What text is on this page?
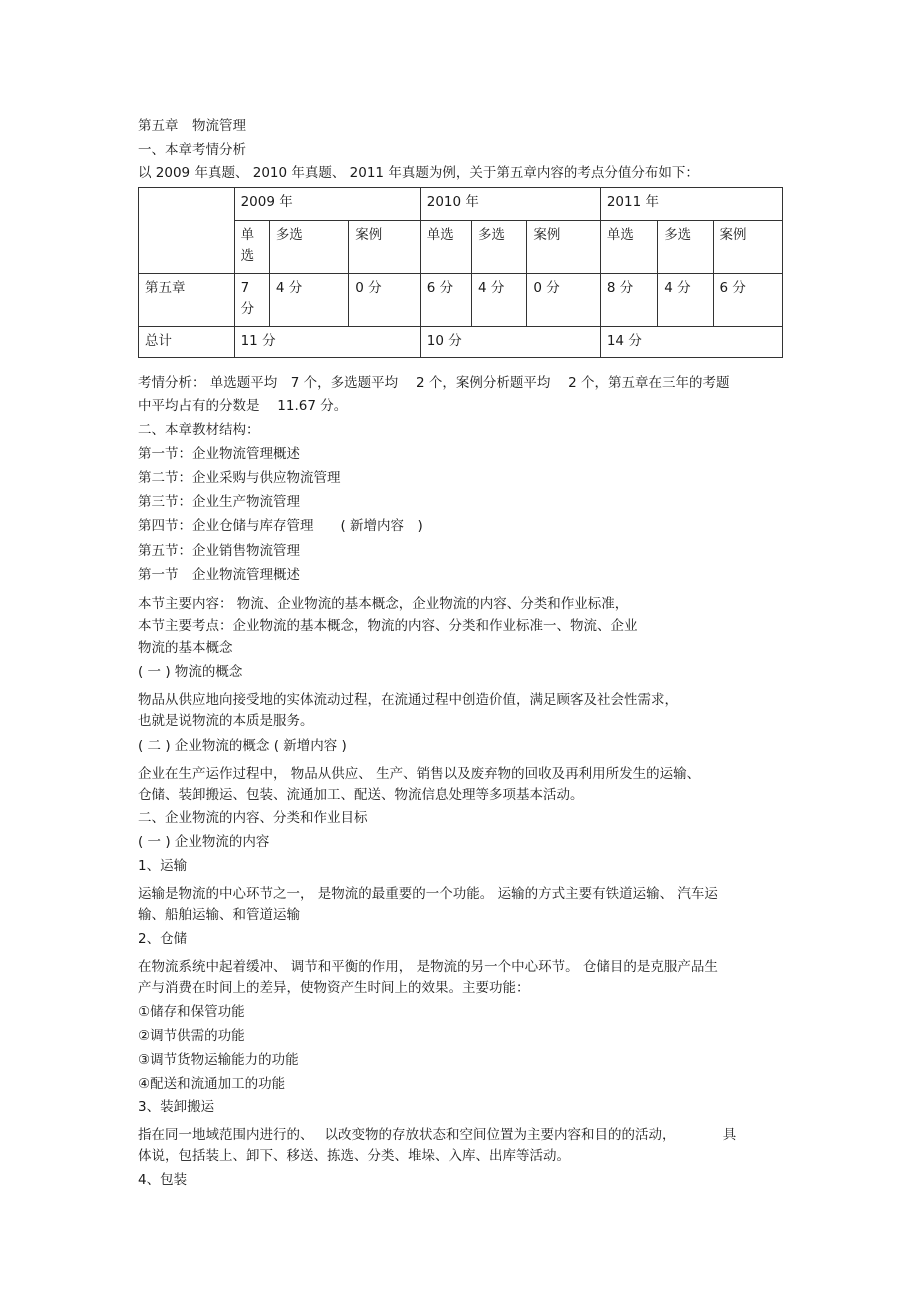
第五章　物流管理
一、本章考情分析
以 2009 年真题、 2010 年真题、 2011 年真题为例，关于第五章内容的考点分值分布如下：
	2009 年			2010 年			2011 年		
	单选	多选	案例	单选	多选	案例	单选	多选	案例
第五章	7 分	4 分	0 分	6 分	4 分	0 分	8 分	4 分	6 分
总计	11 分			10 分			14 分		
考情分析： 单选题平均　7 个，多选题平均　 2 个，案例分析题平均　 2 个，第五章在三年的考题
中平均占有的分数是　 11.67 分。
二、本章教材结构：
第一节：企业物流管理概述
第二节：企业采购与供应物流管理
第三节：企业生产物流管理
第四节：企业仓储与库存管理　　( 新增内容　)
第五节：企业销售物流管理
第一节　企业物流管理概述
本节主要内容： 物流、企业物流的基本概念，企业物流的内容、分类和作业标准，
本节主要考点：企业物流的基本概念，物流的内容、分类和作业标准一、物流、企业
物流的基本概念
( 一 ) 物流的概念
物品从供应地向接受地的实体流动过程，在流通过程中创造价值，满足顾客及社会性需求，
也就是说物流的本质是服务。
( 二 ) 企业物流的概念 ( 新增内容 )
企业在生产运作过程中， 物品从供应、 生产、销售以及废弃物的回收及再利用所发生的运输、
仓储、装卸搬运、包装、流通加工、配送、物流信息处理等多项基本活动。
二、企业物流的内容、分类和作业目标
( 一 ) 企业物流的内容
1、运输
运输是物流的中心环节之一， 是物流的最重要的一个功能。 运输的方式主要有铁道运输、 汽车运
输、船舶运输、和管道运输
2、仓储
在物流系统中起着缓冲、 调节和平衡的作用， 是物流的另一个中心环节。 仓储目的是克服产品生
产与消费在时间上的差异，使物资产生时间上的效果。主要功能：
①储存和保管功能
②调节供需的功能
③调节货物运输能力的功能
④配送和流通加工的功能
3、装卸搬运
指在同一地域范围内进行的、　 以改变物的存放状态和空间位置为主要内容和目的的活动，　　　　具
体说，包括装上、卸下、移送、拣选、分类、堆垛、入库、出库等活动。
4、包装
